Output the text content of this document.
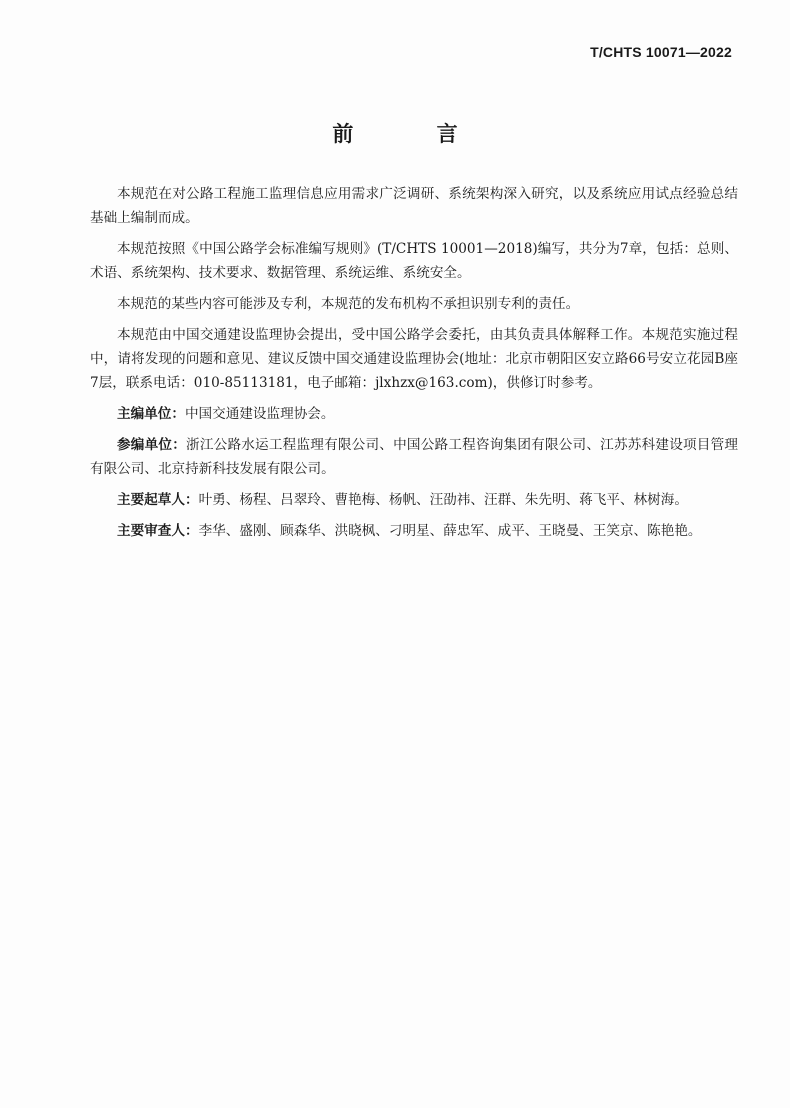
T/CHTS 10071—2022
前 言

本规范在对公路工程施工监理信息应用需求广泛调研、系统架构深入研究，以及系统应用试点经验总结基础上编制而成。

本规范按照《中国公路学会标准编写规则》(T/CHTS 10001—2018)编写，共分为7章，包括：总则、术语、系统架构、技术要求、数据管理、系统运维、系统安全。

本规范的某些内容可能涉及专利，本规范的发布机构不承担识别专利的责任。

本规范由中国交通建设监理协会提出，受中国公路学会委托，由其负责具体解释工作。本规范实施过程中，请将发现的问题和意见、建议反馈中国交通建设监理协会(地址：北京市朝阳区安立路66号安立花园B座7层，联系电话：010-85113181，电子邮箱：jlxhzx@163.com)，供修订时参考。

主编单位：中国交通建设监理协会。

参编单位：浙江公路水运工程监理有限公司、中国公路工程咨询集团有限公司、江苏苏科建设项目管理有限公司、北京持新科技发展有限公司。

主要起草人：叶勇、杨程、吕翠玲、曹艳梅、杨帆、汪劭祎、汪群、朱先明、蒋飞平、林树海。

主要审查人：李华、盛刚、顾森华、洪晓枫、刁明星、薛忠军、成平、王晓曼、王笑京、陈艳艳。
